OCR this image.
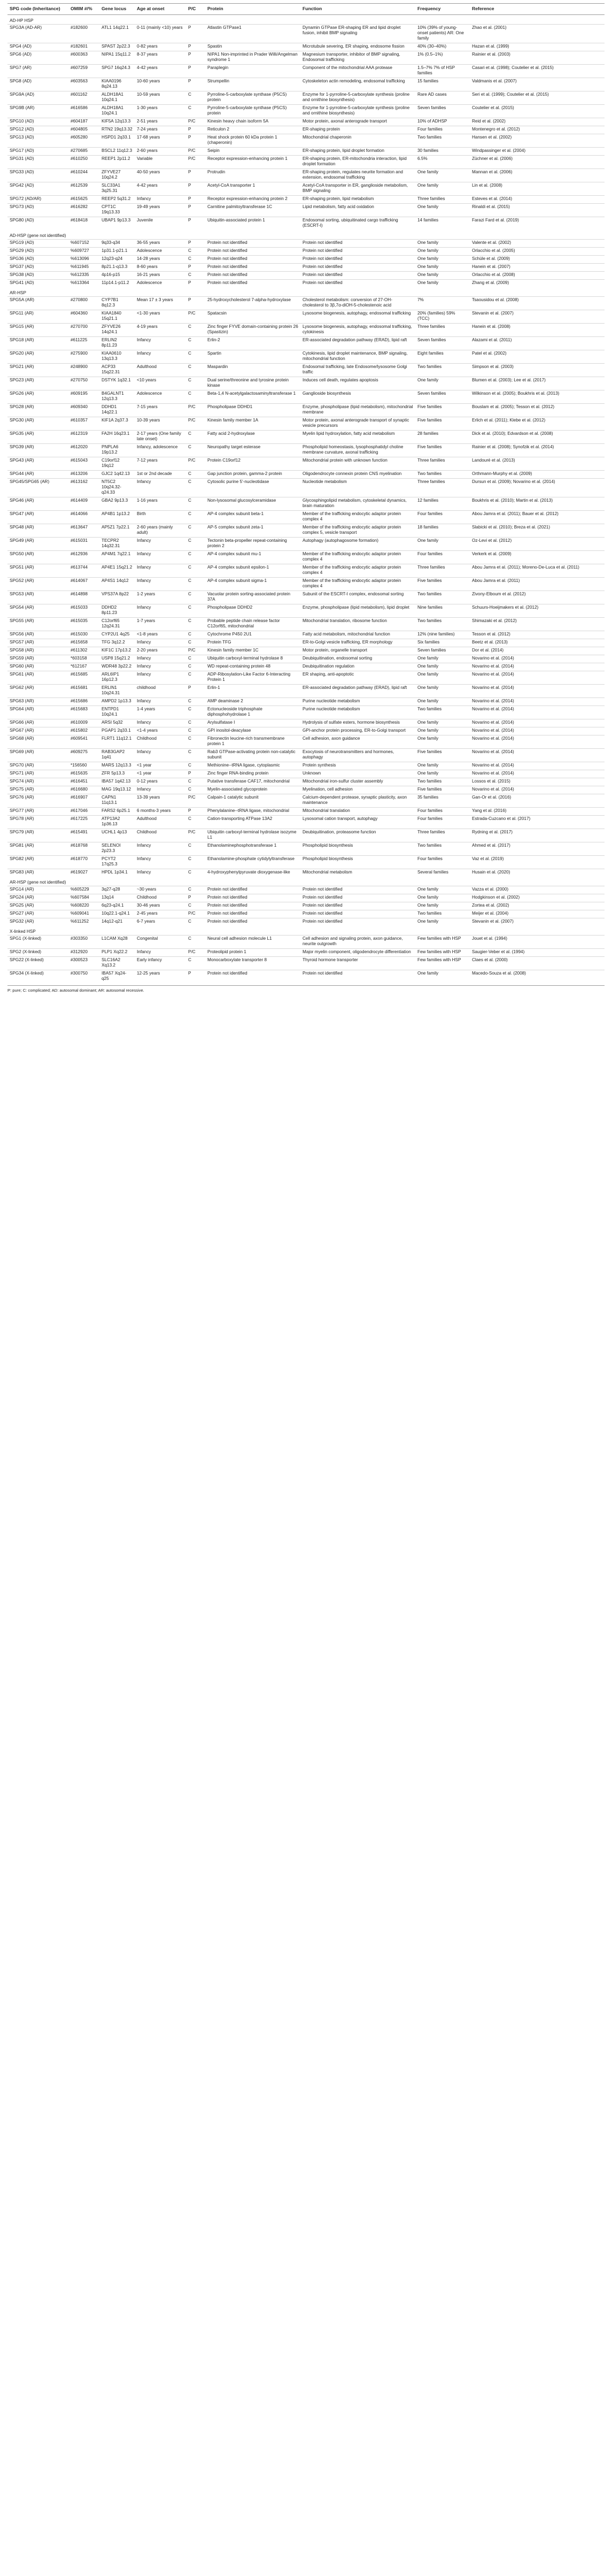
SPG code (Inheritance)	OMIM #/%	Gene locus	Age at onset	P/C	Protein	Function	Frequency	Reference
AD-HP HSP								
SPG3A (AD-AR)	#182600	ATL1 14q22.1	0-11 (mainly <10) years	P	Atlastin GTPase1	Dynamin GTPase ER-shaping ER and lipid droplet fusion, inhibit BMP signaling	10% (39% of young-onset patients) AR: One family	Zhao et al. (2001)
SPG4 (AD)	#182601	SPAST 2p22.3	0-82 years	P	Spastin	Microtubule severing, ER shaping, endosome fission	40% (30–40%)	Hazan et al. (1999)
SPG6 (AD)	#600363	NIPA1 15q11.2	8-37 years	P	NIPA1 Non-imprinted in Prader Willi/Angelman syndrome 1	Magnesium transporter, inhibitor of BMP signaling, Endosomal trafficking	1% (0.5–1%)	Rainier et al. (2003)
SPG7 (AR)	#607259	SPG7 16q24.3	4-42 years	P	Paraplegin	Component of the mitochondrial AAA protease	1.5–7% 7% of HSP families	Casari et al. (1998); Coutelier et al. (2015)
SPG8 (AD)	#603563	KIAA0196 8q24.13	10-60 years	P	Strumpellin	Cytoskeleton actin remodeling, endosomal trafficking	15 families	Valdmanis et al. (2007)
SPG9A (AD)	#601162	ALDH18A1 10q24.1	10-59 years	C	Pyrroline-5-carboxylate synthase (P5CS) protein	Enzyme for 1-pyrroline-5-carboxylate synthesis (proline and ornithine biosynthesis)	Rare AD cases	Seri et al. (1999); Coutelier et al. (2015)
SPG9B (AR)	#616586	ALDH18A1 10q24.1	1-30 years	C	Pyrroline-5-carboxylate synthase (P5CS) protein	Enzyme for 1-pyrroline-5-carboxylate synthesis (proline and ornithine biosynthesis)	Seven families	Coutelier et al. (2015)
SPG10 (AD)	#604187	KIF5A 12q13.3	2-51 years	P/C	Kinesin heavy chain isoform 5A	Motor protein, axonal anterograde transport	10% of ADHSP	Reid et al. (2002)
SPG12 (AD)	#604805	RTN2 19q13.32	7-24 years	P	Reticulon 2	ER-shaping protein	Four families	Montenegro et al. (2012)
SPG13 (AD)	#605280	HSPD1 2q33.1	17-68 years	P	Heat shock protein 60 kDa protein 1 (chaperonin)	Mitochondrial chaperonin	Two families	Hansen et al. (2002)
SPG17 (AD)	#270685	BSCL2 11q12.3	2-60 years	P/C	Seipin	ER-shaping protein, lipid droplet formation	30 families	Windpassinger et al. (2004)
SPG31 (AD)	#610250	REEP1 2p11.2	Variable	P/C	Receptor expression-enhancing protein 1	ER-shaping protein, ER-mitochondria interaction, lipid droplet formation	6.5%	Züchner et al. (2006)
SPG33 (AD)	#610244	ZFYVE27 10q24.2	40-50 years	P	Protrudin	ER-shaping protein, regulates neurite formation and extension, endosomal trafficking	One family	Mannan et al. (2006)
SPG42 (AD)	#612539	SLC33A1 3q25.31	4-42 years	P	Acetyl-CoA transporter 1	Acetyl-CoA transporter in ER, ganglioside metabolism, BMP signaling	One family	Lin et al. (2008)
SPG72 (AD/AR)	#615625	REEP2 5q31.2	Infancy	P	Receptor expression-enhancing protein 2	ER-shaping protein, lipid metabolism	Three families	Esteves et al. (2014)
SPG73 (AD)	#616282	CPT1C 19q13.33	19-49 years	P	Carnitine palmitoyltransferase 1C	Lipid metabolism, fatty acid oxidation	One family	Rinaldi et al. (2015)
SPG80 (AD)	#618418	UBAP1 9p13.3	Juvenile	P	Ubiquitin-associated protein 1	Endosomal sorting, ubiquitinated cargo trafficking (ESCRT-I)	14 families	Farazi Fard et al. (2019)
AD-HSP (gene not identified)								
SPG19 (AD)	%607152	9q33-q34	36-55 years	P	Protein not identified	Protein not identified	One family	Valente et al. (2002)
SPG29 (AD)	%609727	1p31.1-p21.1	Adolescence	C	Protein not identified	Protein not identified	One family	Orlacchio et al. (2005)
SPG36 (AD)	%613096	12q23-q24	14-28 years	C	Protein not identified	Protein not identified	One family	Schüle et al. (2009)
SPG37 (AD)	%611945	8p21.1-q13.3	8-60 years	P	Protein not identified	Protein not identified	One family	Hanein et al. (2007)
SPG38 (AD)	%612335	4p16-p15	16-21 years	C	Protein not identified	Protein not identified	One family	Orlacchio et al. (2008)
SPG41 (AD)	%613364	11p14.1-p11.2	Adolescence	P	Protein not identified	Protein not identified	One family	Zhang et al. (2009)
AR-HSP								
SPG5A (AR)	#270800	CYP7B1 8q12.3	Mean 17 ± 3 years	P	25-hydroxycholesterol 7-alpha-hydroxylase	Cholesterol metabolism: conversion of 27-OH-cholesterol to 3β,7α-diOH-5-cholestenoic acid	7%	Tsaousidou et al. (2008)
SPG11 (AR)	#604360	KIAA1840 15q21.1	<1-30 years	P/C	Spatacsin	Lysosome biogenesis, autophagy, endosomal trafficking	20% (families) 59% (TCC)	Stevanin et al. (2007)
SPG15 (AR)	#270700	ZFYVE26 14q24.1	4-19 years	C	Zinc finger FYVE domain-containing protein 26 (Spastizin)	Lysosome biogenesis, autophagy, endosomal trafficking, cytokinesis	Three families	Hanein et al. (2008)
SPG18 (AR)	#611225	ERLIN2 8p11.23	Infancy	C	Erlin-2	ER-associated degradation pathway (ERAD), lipid raft	Seven families	Alazami et al. (2011)
SPG20 (AR)	#275900	KIAA0610 13q13.3	Infancy	C	Spartin	Cytokinesis, lipid droplet maintenance, BMP signaling, mitochondrial function	Eight families	Patel et al. (2002)
SPG21 (AR)	#248900	ACP33 15q22.31	Adulthood	C	Maspardin	Endosomal trafficking, late Endosome/lysosome Golgi traffic	Two families	Simpson et al. (2003)
SPG23 (AR)	#270750	DSTYK 1q32.1	<10 years	C	Dual serine/threonine and tyrosine protein kinase	Induces cell death, regulates apoptosis	One family	Blumen et al. (2003); Lee et al. (2017)
SPG26 (AR)	#609195	B4GALNT1 12q13.3	Adolescence	C	Beta-1,4 N-acetylgalactosaminyltransferase 1	Ganglioside biosynthesis	Seven families	Wilkinson et al. (2005); Boukhris et al. (2013)
SPG28 (AR)	#609340	DDHD1 14q22.1	7-15 years	P/C	Phospholipase DDHD1	Enzyme, phospholipase (lipid metabolism), mitochondrial membrane	Five families	Bouslam et al. (2005); Tesson et al. (2012)
SPG30 (AR)	#610357	KIF1A 2q37.3	10-39 years	P/C	Kinesin family member 1A	Motor protein, axonal anterograde transport of synaptic vesicle precursors	Five families	Erlich et al. (2011); Klebe et al. (2012)
SPG35 (AR)	#612319	FA2H 16q23.1	2-17 years (One family late onset)	C	Fatty acid 2-hydroxylase	Myelin lipid hydroxylation, fatty acid metabolism	28 families	Dick et al. (2010); Edvardson et al. (2008)
SPG39 (AR)	#612020	PNPLA6 19p13.2	Infancy, adolescence	C	Neuropathy target esterase	Phospholipid homeostasis, lysophosphatidyl choline membrane curvature, axonal trafficking	Five families	Rainier et al. (2008); Synofzik et al. (2014)
SPG43 (AR)	#615043	C19orf12 19q12	7-12 years	P/C	Protein C19orf12	Mitochondrial protein with unknown function	Three families	Landouré et al. (2013)
SPG44 (AR)	#613206	GJC2 1q42.13	1st or 2nd decade	C	Gap junction protein, gamma-2 protein	Oligodendrocyte connexin protein CNS myelination	Two families	Orthmann-Murphy et al. (2009)
SPG45/SPG65 (AR)	#613162	NT5C2 10q24.32-q24.33	Infancy	C	Cytosolic purine 5'-nucleotidase	Nucleotide metabolism	Three families	Dursun et al. (2009); Novarino et al. (2014)
SPG46 (AR)	#614409	GBA2 9p13.3	1-16 years	C	Non-lysosomal glucosylceramidase	Glycosphingolipid metabolism, cytoskeletal dynamics, brain maturation	12 families	Boukhris et al. (2010); Martin et al. (2013)
SPG47 (AR)	#614066	AP4B1 1p13.2	Birth	C	AP-4 complex subunit beta-1	Member of the trafficking endocytic adaptor protein complex 4	Four families	Abou Jamra et al. (2011); Bauer et al. (2012)
SPG48 (AR)	#613647	AP5Z1 7p22.1	2-60 years (mainly adult)	C	AP-5 complex subunit zeta-1	Member of the trafficking endocytic adaptor protein complex 5, vesicle transport	18 families	Slabicki et al. (2010); Breza et al. (2021)
SPG49 (AR)	#615031	TECPR2 14q32.31	Infancy	C	Tectonin beta-propeller repeat-containing protein 2	Autophagy (autophagosome formation)	One family	Oz-Levi et al. (2012)
SPG50 (AR)	#612936	AP4M1 7q22.1	Infancy	C	AP-4 complex subunit mu-1	Member of the trafficking endocytic adaptor protein complex 4	Four families	Verkerk et al. (2009)
SPG51 (AR)	#613744	AP4E1 15q21.2	Infancy	C	AP-4 complex subunit epsilon-1	Member of the trafficking endocytic adaptor protein complex 4	Three families	Abou Jamra et al. (2011); Moreno-De-Luca et al. (2011)
SPG52 (AR)	#614067	AP4S1 14q12	Infancy	C	AP-4 complex subunit sigma-1	Member of the trafficking endocytic adaptor protein complex 4	Five families	Abou Jamra et al. (2011)
SPG53 (AR)	#614898	VPS37A 8p22	1-2 years	C	Vacuolar protein sorting-associated protein 37A	Subunit of the ESCRT-I complex, endosomal sorting	Two families	Zivony-Elboum et al. (2012)
SPG54 (AR)	#615033	DDHD2 8p11.23	Infancy	C	Phospholipase DDHD2	Enzyme, phospholipase (lipid metabolism), lipid droplet	Nine families	Schuurs-Hoeijmakers et al. (2012)
SPG55 (AR)	#615035	C12orf65 12q24.31	1-7 years	C	Probable peptide chain release factor C12orf65, mitochondrial	Mitochondrial translation, ribosome function	Two families	Shimazaki et al. (2012)
SPG56 (AR)	#615030	CYP2U1 4q25	<1-8 years	C	Cytochrome P450 2U1	Fatty acid metabolism, mitochondrial function	12% (nine families)	Tesson et al. (2012)
SPG57 (AR)	#615658	TFG 3q12.2	Infancy	C	Protein TFG	ER-to-Golgi vesicle trafficking, ER morphology	Six families	Beetz et al. (2013)
SPG58 (AR)	#611302	KIF1C 17p13.2	2-20 years	P/C	Kinesin family member 1C	Motor protein, organelle transport	Seven families	Dor et al. (2014)
SPG59 (AR)	*603158	USP8 15q21.2	Infancy	C	Ubiquitin carboxyl-terminal hydrolase 8	Deubiquitination, endosomal sorting	One family	Novarino et al. (2014)
SPG60 (AR)	*612167	WDR48 3p22.2	Infancy	C	WD repeat-containing protein 48	Deubiquitination regulation	One family	Novarino et al. (2014)
SPG61 (AR)	#615685	ARL6IP1 16p12.3	Infancy	C	ADP-Ribosylation-Like Factor 6-Interacting Protein 1	ER shaping, anti-apoptotic	One family	Novarino et al. (2014)
SPG62 (AR)	#615681	ERLIN1 10q24.31	childhood	P	Erlin-1	ER-associated degradation pathway (ERAD), lipid raft	One family	Novarino et al. (2014)
SPG63 (AR)	#615686	AMPD2 1p13.3	Infancy	C	AMP deaminase 2	Purine nucleotide metabolism	One family	Novarino et al. (2014)
SPG64 (AR)	#615683	ENTPD1 10q24.1	1-4 years	C	Ectonucleoside triphosphate diphosphohydrolase 1	Purine nucleotide metabolism	Two families	Novarino et al. (2014)
SPG66 (AR)	#610009	ARSI 5q32	Infancy	C	Arylsulfatase I	Hydrolysis of sulfate esters, hormone biosynthesis	One family	Novarino et al. (2014)
SPG67 (AR)	#615802	PGAP1 2q33.1	<1-4 years	C	GPI inositol-deacylase	GPI-anchor protein processing, ER-to-Golgi transport	One family	Novarino et al. (2014)
SPG68 (AR)	#609541	FLRT1 11q12.1	Childhood	C	Fibronectin leucine-rich transmembrane protein 1	Cell adhesion, axon guidance	One family	Novarino et al. (2014)
SPG69 (AR)	#609275	RAB3GAP2 1q41	Infancy	C	Rab3 GTPase-activating protein non-catalytic subunit	Exocytosis of neurotransmitters and hormones, autophagy	Five families	Novarino et al. (2014)
SPG70 (AR)	*156560	MARS 12q13.3	<1 year	C	Methionine--tRNA ligase, cytoplasmic	Protein synthesis	One family	Novarino et al. (2014)
SPG71 (AR)	#615635	ZFR 5p13.3	<1 year	P	Zinc finger RNA-binding protein	Unknown	One family	Novarino et al. (2014)
SPG74 (AR)	#616451	IBA57 1q42.13	0-12 years	C	Putative transferase CAF17, mitochondrial	Mitochondrial iron-sulfur cluster assembly	Two families	Lossos et al. (2015)
SPG75 (AR)	#616680	MAG 19q13.12	Infancy	C	Myelin-associated glycoprotein	Myelination, cell adhesion	Five families	Novarino et al. (2014)
SPG76 (AR)	#616907	CAPN1 11q13.1	13-39 years	P/C	Calpain-1 catalytic subunit	Calcium-dependent protease, synaptic plasticity, axon maintenance	35 families	Gan-Or et al. (2016)
SPG77 (AR)	#617046	FARS2 6p25.1	6 months-3 years	P	Phenylalanine--tRNA ligase, mitochondrial	Mitochondrial translation	Four families	Yang et al. (2016)
SPG78 (AR)	#617225	ATP13A2 1p36.13	Adulthood	C	Cation-transporting ATPase 13A2	Lysosomal cation transport, autophagy	Four families	Estrada-Cuzcano et al. (2017)
SPG79 (AR)	#615491	UCHL1 4p13	Childhood	P/C	Ubiquitin carboxyl-terminal hydrolase isozyme L1	Deubiquitination, proteasome function	Three families	Rydning et al. (2017)
SPG81 (AR)	#618768	SELENOI 2p23.3	Infancy	C	Ethanolaminephosphotransferase 1	Phospholipid biosynthesis	Two families	Ahmed et al. (2017)
SPG82 (AR)	#618770	PCYT2 17q25.3	Infancy	C	Ethanolamine-phosphate cytidylyltransferase	Phospholipid biosynthesis	Four families	Vaz et al. (2019)
SPG83 (AR)	#619027	HPDL 1p34.1	Infancy	C	4-hydroxyphenylpyruvate dioxygenase-like	Mitochondrial metabolism	Several families	Husain et al. (2020)
AR-HSP (gene not identified)								
SPG14 (AR)	%605229	3q27-q28	~30 years	C	Protein not identified	Protein not identified	One family	Vazza et al. (2000)
SPG24 (AR)	%607584	13q14	Childhood	P	Protein not identified	Protein not identified	One family	Hodgkinson et al. (2002)
SPG25 (AR)	%608220	6q23-q24.1	30-46 years	C	Protein not identified	Protein not identified	One family	Zortea et al. (2002)
SPG27 (AR)	%609041	10q22.1-q24.1	2-45 years	P/C	Protein not identified	Protein not identified	Two families	Meijer et al. (2004)
SPG32 (AR)	%611252	14q12-q21	6-7 years	C	Protein not identified	Protein not identified	One family	Stevanin et al. (2007)
X-linked HSP								
SPG1 (X-linked)	#303350	L1CAM Xq28	Congenital	C	Neural cell adhesion molecule L1	Cell adhesion and signaling protein, axon guidance, neurite outgrowth	Few families with HSP	Jouet et al. (1994)
SPG2 (X-linked)	#312920	PLP1 Xq22.2	Infancy	P/C	Proteolipid protein 1	Major myelin component, oligodendrocyte differentiation	Few families with HSP	Saugier-Veber et al. (1994)
SPG22 (X-linked)	#300523	SLC16A2 Xq13.2	Early infancy	C	Monocarboxylate transporter 8	Thyroid hormone transporter	Few families with HSP	Claes et al. (2000)
SPG34 (X-linked)	#300750	IBA57 Xq24-q25	12-25 years	P	Protein not identified	Protein not identified	One family	Macedo-Souza et al. (2008)
P: pure; C: complicated; AD: autosomal dominant; AR: autosomal recessive.
